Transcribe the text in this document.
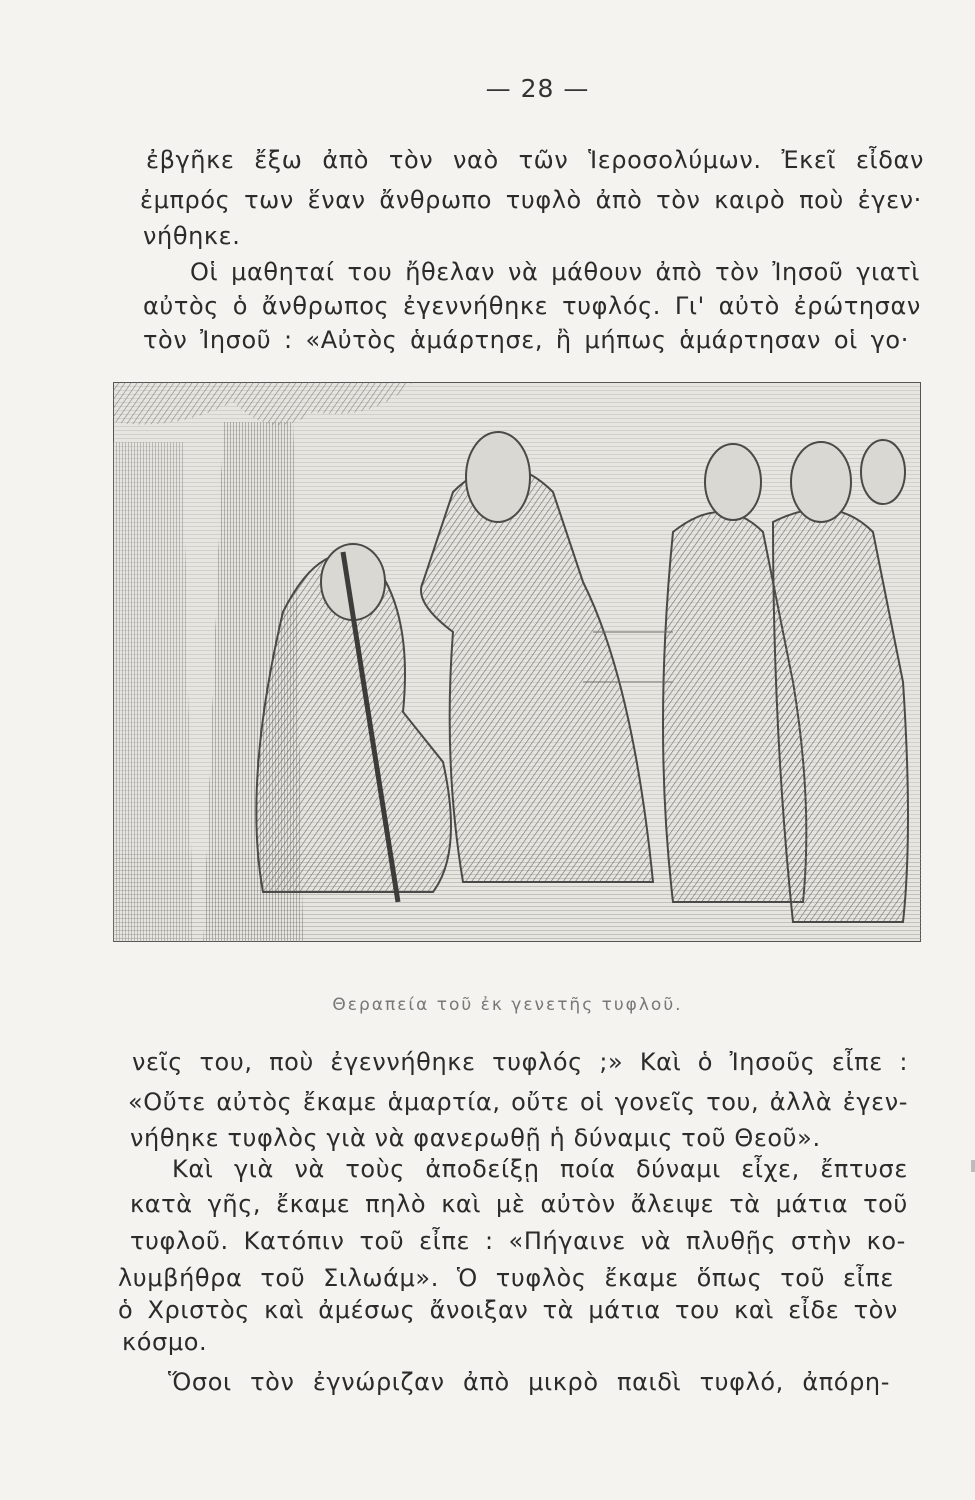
— 28 —
ἐβγῆκε ἔξω ἀπὸ τὸν ναὸ τῶν Ἱεροσολύμων. Ἐκεῖ εἶδαν
ἐμπρός των ἕναν ἄνθρωπο τυφλὸ ἀπὸ τὸν καιρὸ ποὺ ἐγεν·
νήθηκε.
Οἱ μαθηταί του ἤθελαν νὰ μάθουν ἀπὸ τὸν Ἰησοῦ γιατὶ
αὐτὸς ὁ ἄνθρωπος ἐγεννήθηκε τυφλός. Γι' αὐτὸ ἐρώτησαν
τὸν Ἰησοῦ : «Αὐτὸς ἁμάρτησε, ἢ μήπως ἁμάρτησαν οἱ γο·
Θεραπεία τοῦ ἐκ γενετῆς τυφλοῦ.
νεῖς του, ποὺ ἐγεννήθηκε τυφλός ;» Καὶ ὁ Ἰησοῦς εἶπε :
«Οὔτε αὐτὸς ἔκαμε ἁμαρτία, οὔτε οἱ γονεῖς του, ἀλλὰ ἐγεν-
νήθηκε τυφλὸς γιὰ νὰ φανερωθῇ ἡ δύναμις τοῦ Θεοῦ».
Καὶ γιὰ νὰ τοὺς ἀποδείξῃ ποία δύναμι εἶχε, ἔπτυσε
κατὰ γῆς, ἔκαμε πηλὸ καὶ μὲ αὐτὸν ἄλειψε τὰ μάτια τοῦ
τυφλοῦ. Κατόπιν τοῦ εἶπε : «Πήγαινε νὰ πλυθῇς στὴν κο-
λυμβήθρα τοῦ Σιλωάμ». Ὁ τυφλὸς ἔκαμε ὅπως τοῦ εἶπε
ὁ Χριστὸς καὶ ἀμέσως ἄνοιξαν τὰ μάτια του καὶ εἶδε τὸν
κόσμο.
Ὅσοι τὸν ἐγνώριζαν ἀπὸ μικρὸ παιδὶ τυφλό, ἀπόρη-
